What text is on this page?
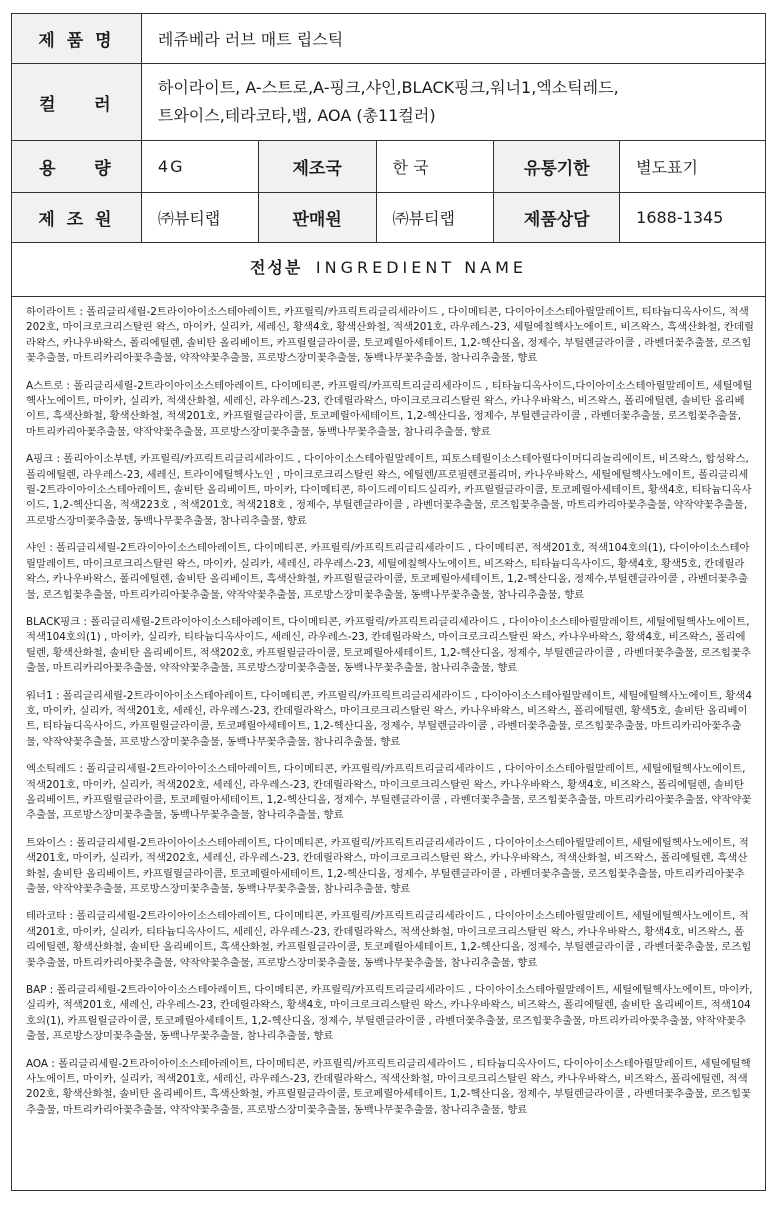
제 품 명	레쥬베라 러브 매트 립스틱				
컬    러	하이라이트, A-스트로,A-핑크,샤인,BLACK핑크,워너1,엑소틱레드,
트와이스,테라코타,뱁, AOA (총11컬러)				

용    량	4G	제조국	한 국	유통기한	별도표기
제 조 원	㈜뷰티랩	판매원	㈜뷰티랩	제품상담	1688-1345
전성분 INGREDIENT NAME

하이라이트 : 폴리글리세릴-2트라이아이소스테아레이트, 카프릴릭/카프릭트리글리세라이드 , 다이메티콘, 다이아이소스테아릴말레이트, 티타늄디옥사이드, 적색202호, 마이크로크리스탈린 왁스, 마이카, 실리카, 세레신, 황색4호, 황색산화철, 적색201호, 라우레스-23, 세틸에칠헥사노에이트, 비즈왁스, 흑색산화철, 칸데릴라왁스, 카나우바왁스, 폴리에틸렌, 솔비탄 올리베이트, 카프릴릴글라이콜, 토코페릴아세테이트, 1,2-헥산디올, 정제수, 부틸렌글라이콜 , 라벤더꽃추출물, 로즈힙꽃추출물, 마트리카리아꽃추출물, 약작약꽃추출물, 프로방스장미꽃추출물, 동백나무꽃추출물, 참나리추출물, 향료

A스트로 : 폴리글리세릴-2트라이아이소스테아레이트, 다이메티콘, 카프릴릭/카프릭트리글리세라이드 , 티타늄디옥사이드,다이아이소스테아릴말레이트, 세틸에틸헥사노에이트, 마이카, 실리카, 적색산화철, 세레신, 라우레스-23, 칸데릴라왁스, 마이크로크리스탈린 왁스, 카나우바왁스, 비즈왁스, 폴리에틸렌, 솔비탄 올리베이트, 흑색산화철, 황색산화철, 적색201호, 카프릴릴글라이콜, 토코페릴아세테이트, 1,2-헥산디올, 정제수, 부틸렌글라이콜 , 라벤더꽃추출물, 로즈힙꽃추출물, 마트리카리아꽃추출물, 약작약꽃추출물, 프로방스장미꽃추출물, 동백나무꽃추출물, 참나리추출물, 향료

A핑크 : 폴리아이소부텐, 카프릴릭/카프릭트리글리세라이드 , 다이아이소스테아릴말레이트, 피토스테릴이소스테아릴다이머디리놀리에이트, 비즈왁스, 합성왁스, 폴리에틸렌, 라우레스-23, 세레신, 트라이에틸헥사노인 , 마이크로크리스탈린 왁스, 에틸렌/프로필렌코폴리머, 카나우바왁스, 세틸에틸헥사노에이트, 폴리글리세릴-2트라이아이소스테아레이트, 솔비탄 올리베이트, 마이카, 다이메티콘, 하이드레이티드실리카, 카프릴릴글라이콜, 토코페릴아세테이트, 황색4호, 티타늄디옥사이드, 1,2-헥산디올, 적색223호 , 적색201호, 적색218호 , 정제수, 부틸렌글라이콜 , 라벤더꽃추출물, 로즈힙꽃추출물, 마트리카리아꽃추출물, 약작약꽃추출물, 프로방스장미꽃추출물, 동백나무꽃추출물, 참나리추출물, 향료

샤인 : 폴리글리세릴-2트라이아이소스테아레이트, 다이메티콘, 카프릴릭/카프릭트리글리세라이드 , 다이메티콘, 적색201호, 적색104호의(1), 다이아이소스테아릴말레이트, 마이크로크리스탈린 왁스, 마이카, 실리카, 세레신, 라우레스-23, 세틸에칠헥사노에이트, 비즈왁스, 티타늄디옥사이드, 황색4호, 황색5호, 칸데릴라왁스, 카나우바왁스, 폴리에틸렌, 솔비탄 올리베이트, 흑색산화철, 카프릴릴글라이콜, 토코페릴아세테이트, 1,2-헥산디올, 정제수,부틸렌글라이콜 , 라벤더꽃추출물, 로즈힙꽃추출물, 마트리카리아꽃추출물, 약작약꽃추출물, 프로방스장미꽃추출물, 동백나무꽃추출물, 참나리추출물, 향료

BLACK핑크 : 폴리글리세릴-2트라이아이소스테아레이트, 다이메티콘, 카프릴릭/카프릭트리글리세라이드 , 다이아이소스테아릴말레이트, 세틸에틸헥사노에이트, 적색104호의(1) , 마이카, 실리카, 티타늄디옥사이드, 세레신, 라우레스-23, 칸데릴라왁스, 마이크로크리스탈린 왁스, 카나우바왁스, 황색4호, 비즈왁스, 폴리에틸렌, 황색산화철, 솔비탄 올리베이트, 적색202호, 카프릴릴글라이콜, 토코페릴아세테이트, 1,2-헥산디올, 정제수, 부틸렌글라이콜 , 라벤더꽃추출물, 로즈힙꽃추출물, 마트리카리아꽃추출물, 약작약꽃추출물, 프로방스장미꽃추출물, 동백나무꽃추출물, 참나리추출물, 향료

워너1 : 폴리글리세릴-2트라이아이소스테아레이트, 다이메티콘, 카프릴릭/카프릭트리글리세라이드 , 다이아이소스테아릴말레이트, 세틸에틸헥사노에이트, 황색4호, 마이카, 실리카, 적색201호, 세레신, 라우레스-23, 칸데릴라왁스, 마이크로크리스탈린 왁스, 카나우바왁스, 비즈왁스, 폴리에틸렌, 황색5호, 솔비탄 올리베이트, 티타늄디옥사이드, 카프릴릴글라이콜, 토코페릴아세테이트, 1,2-헥산디올, 정제수, 부틸렌글라이콜 , 라벤더꽃추출물, 로즈힙꽃추출물, 마트리카리아꽃추출물, 약작약꽃추출물, 프로방스장미꽃추출물, 동백나무꽃추출물, 참나리추출물, 향료

엑소틱레드 : 폴리글리세릴-2트라이아이소스테아레이트, 다이메티콘, 카프릴릭/카프릭트리글리세라이드 , 다이아이소스테아릴말레이트, 세틸에틸헥사노에이트, 적색201호, 마이카, 실리카, 적색202호, 세레신, 라우레스-23, 칸데릴라왁스, 마이크로크리스탈린 왁스, 카나우바왁스, 황색4호, 비즈왁스, 폴리에틸렌, 솔비탄 올리베이트, 카프릴릴글라이콜, 토코페릴아세테이트, 1,2-헥산디올, 정제수, 부틸렌글라이콜 , 라벤더꽃추출물, 로즈힙꽃추출물, 마트리카리아꽃추출물, 약작약꽃추출물, 프로방스장미꽃추출물, 동백나무꽃추출물, 참나리추출물, 향료

트와이스 : 폴리글리세릴-2트라이아이소스테아레이트, 다이메티콘, 카프릴릭/카프릭트리글리세라이드 , 다이아이소스테아릴말레이트, 세틸에틸헥사노에이트, 적색201호, 마이카, 실리카, 적색202호, 세레신, 라우레스-23, 칸데릴라왁스, 마이크로크리스탈린 왁스, 카나우바왁스, 적색산화철, 비즈왁스, 폴리에틸렌, 흑색산화철, 솔비탄 올리베이트, 카프릴릴글라이콜, 토코페릴아세테이트, 1,2-헥산디올, 정제수, 부틸렌글라이콜 , 라벤더꽃추출물, 로즈힙꽃추출물, 마트리카리아꽃추출물, 약작약꽃추출물, 프로방스장미꽃추출물, 동백나무꽃추출물, 참나리추출물, 향료

테라코타 : 폴리글리세릴-2트라이아이소스테아레이트, 다이메티콘, 카프릴릭/카프릭트리글리세라이드 , 다이아이소스테아릴말레이트, 세틸에틸헥사노에이트, 적색201호, 마이카, 실리카, 티타늄디옥사이드, 세레신, 라우레스-23, 칸데릴라왁스, 적색산화철, 마이크로크리스탈린 왁스, 카나우바왁스, 황색4호, 비즈왁스, 폴리에틸렌, 황색산화철, 솔비탄 올리베이트, 흑색산화철, 카프릴릴글라이콜, 토코페릴아세테이트, 1,2-헥산디올, 정제수, 부틸렌글라이콜 , 라벤더꽃추출물, 로즈힙꽃추출물, 마트리카리아꽃추출물, 약작약꽃추출물, 프로방스장미꽃추출물, 동백나무꽃추출물, 참나리추출물, 향료

BAP : 폴리글리세릴-2트라이아이소스테아레이트, 다이메티콘, 카프릴릭/카프릭트리글리세라이드 , 다이아이소스테아릴말레이트, 세틸에틸헥사노에이트, 마이카, 실리카, 적색201호, 세레신, 라우레스-23, 칸데릴라왁스, 황색4호, 마이크로크리스탈린 왁스, 카나우바왁스, 비즈왁스, 폴리에틸렌, 솔비탄 올리베이트, 적색104호의(1), 카프릴릴글라이콜, 토코페릴아세테이트, 1,2-헥산디올, 정제수, 부틸렌글라이콜 , 라벤더꽃추출물, 로즈힙꽃추출물, 마트리카리아꽃추출물, 약작약꽃추출물, 프로방스장미꽃추출물, 동백나무꽃추출물, 참나리추출물, 향료

AOA : 폴리글리세릴-2트라이아이소스테아레이트, 다이메티콘, 카프릴릭/카프릭트리글리세라이드 , 티타늄디옥사이드, 다이아이소스테아릴말레이트, 세틸에틸헥사노에이트, 마이카, 실리카, 적색201호, 세레신, 라우레스-23, 칸데릴라왁스, 적색산화철, 마이크로크리스탈린 왁스, 카나우바왁스, 비즈왁스, 폴리에틸렌, 적색202호, 황색산화철, 솔비탄 올리베이트, 흑색산화철, 카프릴릴글라이콜, 토코페릴아세테이트, 1,2-헥산디올, 정제수, 부틸렌글라이콜 , 라벤더꽃추출물, 로즈힙꽃추출물, 마트리카리아꽃추출물, 약작약꽃추출물, 프로방스장미꽃추출물, 동백나무꽃추출물, 참나리추출물, 향료
